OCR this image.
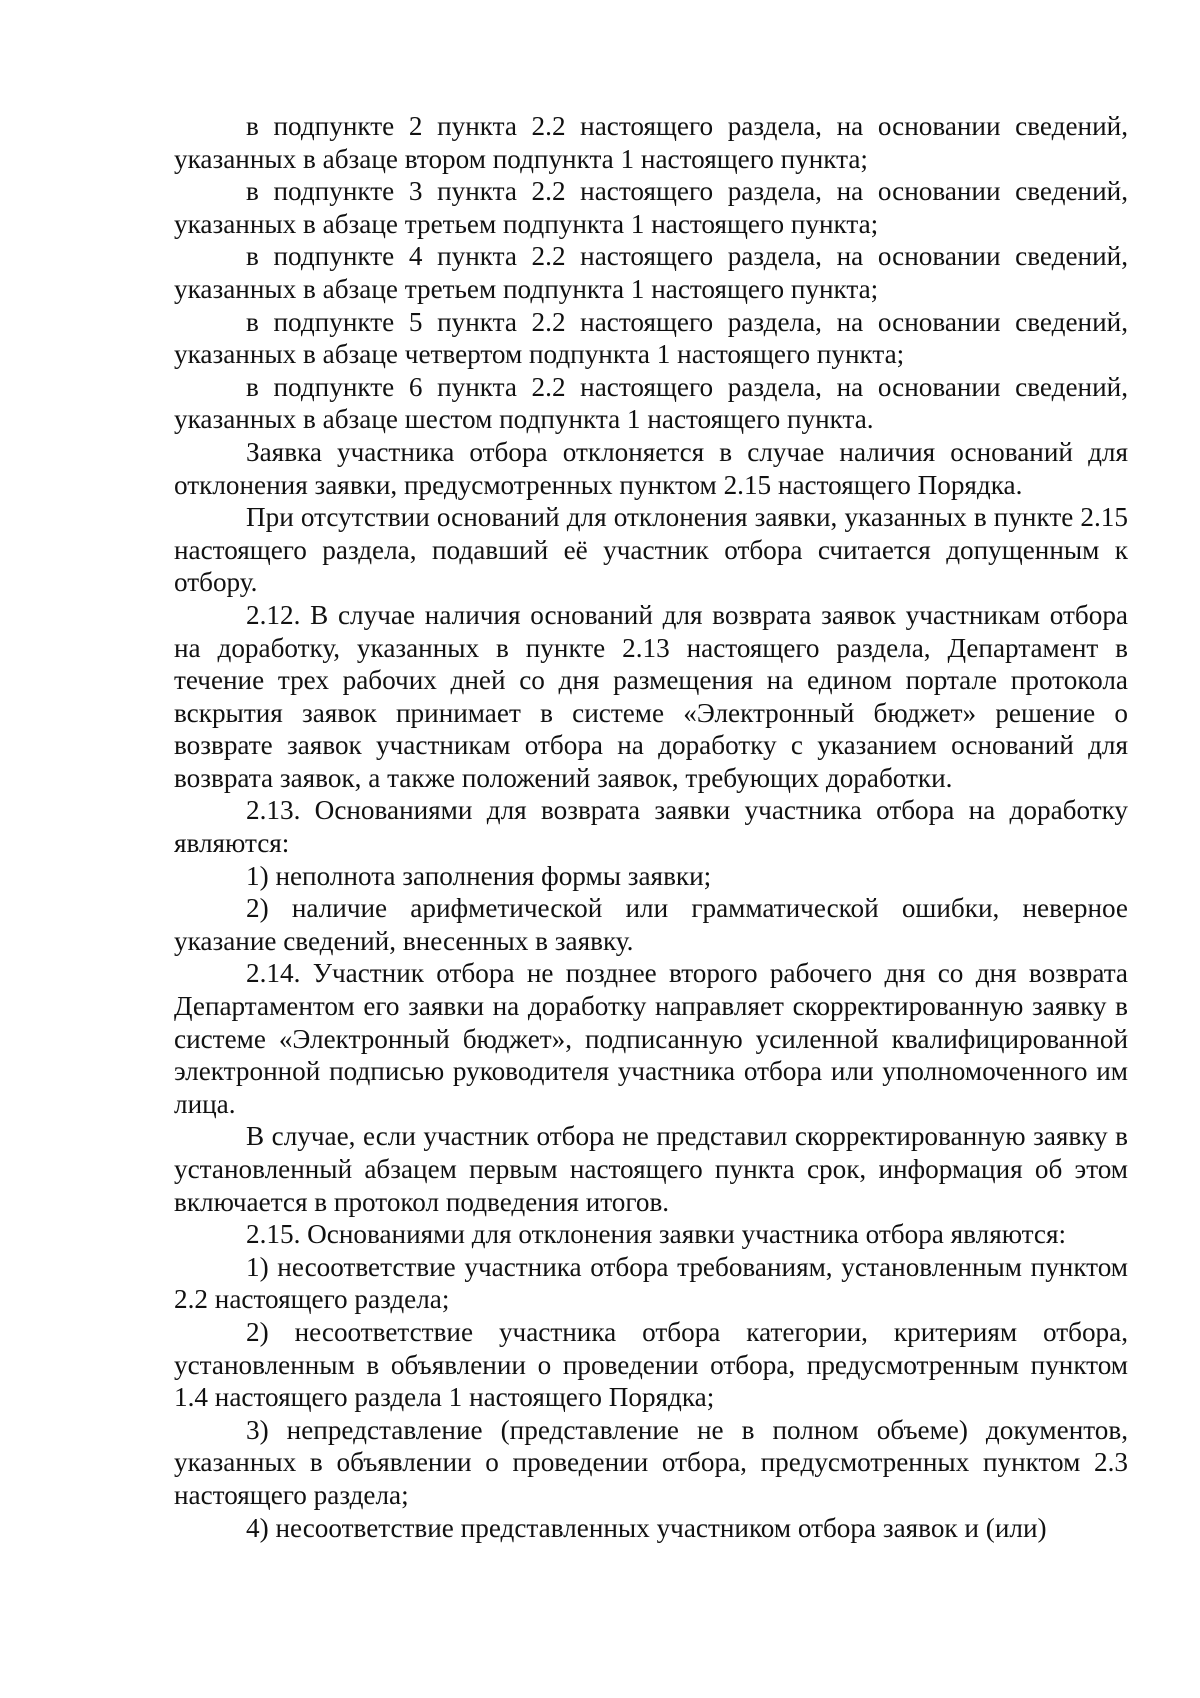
в подпункте 2 пункта 2.2 настоящего раздела, на основании сведений, указанных в абзаце втором подпункта 1 настоящего пункта;

в подпункте 3 пункта 2.2 настоящего раздела, на основании сведений, указанных в абзаце третьем подпункта 1 настоящего пункта;

в подпункте 4 пункта 2.2 настоящего раздела, на основании сведений, указанных в абзаце третьем подпункта 1 настоящего пункта;

в подпункте 5 пункта 2.2 настоящего раздела, на основании сведений, указанных в абзаце четвертом подпункта 1 настоящего пункта;

в подпункте 6 пункта 2.2 настоящего раздела, на основании сведений, указанных в абзаце шестом подпункта 1 настоящего пункта.

Заявка участника отбора отклоняется в случае наличия оснований для отклонения заявки, предусмотренных пунктом 2.15 настоящего Порядка.

При отсутствии оснований для отклонения заявки, указанных в пункте 2.15 настоящего раздела, подавший её участник отбора считается допущенным к отбору.

2.12. В случае наличия оснований для возврата заявок участникам отбора на доработку, указанных в пункте 2.13 настоящего раздела, Департамент в течение трех рабочих дней со дня размещения на едином портале протокола вскрытия заявок принимает в системе «Электронный бюджет» решение о возврате заявок участникам отбора на доработку с указанием оснований для возврата заявок, а также положений заявок, требующих доработки.

2.13. Основаниями для возврата заявки участника отбора на доработку являются:

1) неполнота заполнения формы заявки;

2) наличие арифметической или грамматической ошибки, неверное указание сведений, внесенных в заявку.

2.14. Участник отбора не позднее второго рабочего дня со дня возврата Департаментом его заявки на доработку направляет скорректированную заявку в системе «Электронный бюджет», подписанную усиленной квалифицированной электронной подписью руководителя участника отбора или уполномоченного им лица.

В случае, если участник отбора не представил скорректированную заявку в установленный абзацем первым настоящего пункта срок, информация об этом включается в протокол подведения итогов.

2.15. Основаниями для отклонения заявки участника отбора являются:

1) несоответствие участника отбора требованиям, установленным пунктом 2.2 настоящего раздела;

2) несоответствие участника отбора категории, критериям отбора, установленным в объявлении о проведении отбора, предусмотренным пунктом 1.4 настоящего раздела 1 настоящего Порядка;

3) непредставление (представление не в полном объеме) документов, указанных в объявлении о проведении отбора, предусмотренных пунктом 2.3 настоящего раздела;

4) несоответствие представленных участником отбора заявок и (или)
